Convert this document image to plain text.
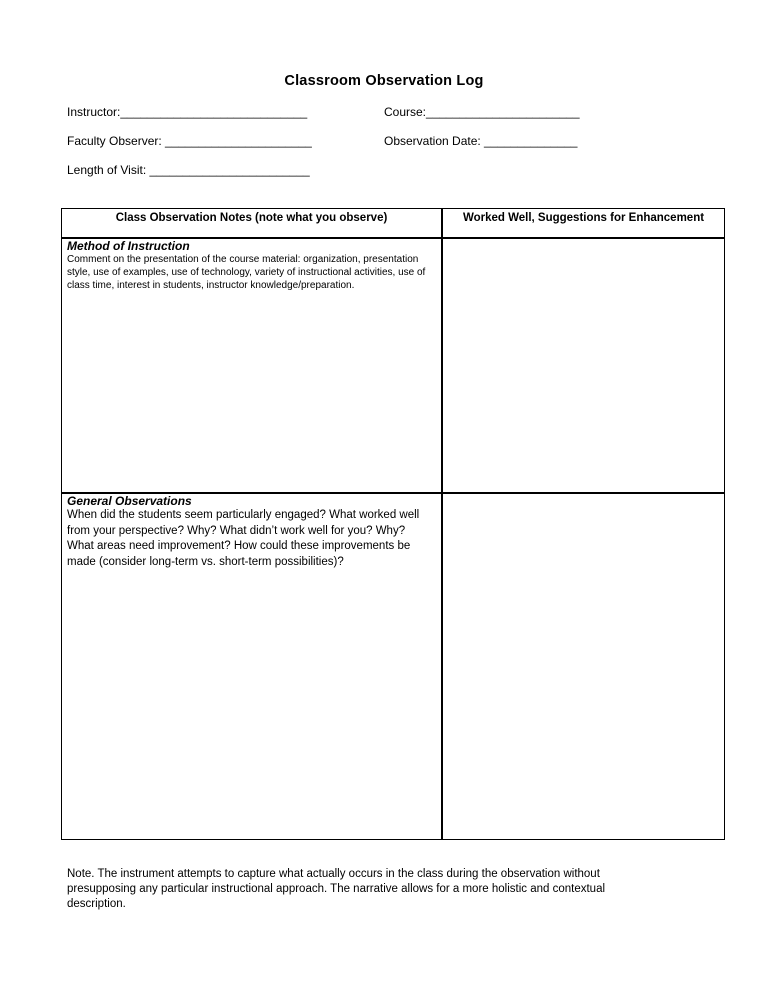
Classroom Observation Log
Instructor:____________________________	Course:_______________________
Faculty Observer: ______________________	Observation Date: ______________
Length of Visit: ________________________
Class Observation Notes (note what you observe)	Worked Well, Suggestions for Enhancement
Method of Instruction
Comment on the presentation of the course material: organization, presentation style, use of examples, use of technology, variety of instructional activities, use of class time, interest in students, instructor knowledge/preparation.
General Observations
When did the students seem particularly engaged? What worked well from your perspective? Why? What didn’t work well for you? Why? What areas need improvement? How could these improvements be made (consider long-term vs. short-term possibilities)?
Note. The instrument attempts to capture what actually occurs in the class during the observation without presupposing any particular instructional approach. The narrative allows for a more holistic and contextual description.
